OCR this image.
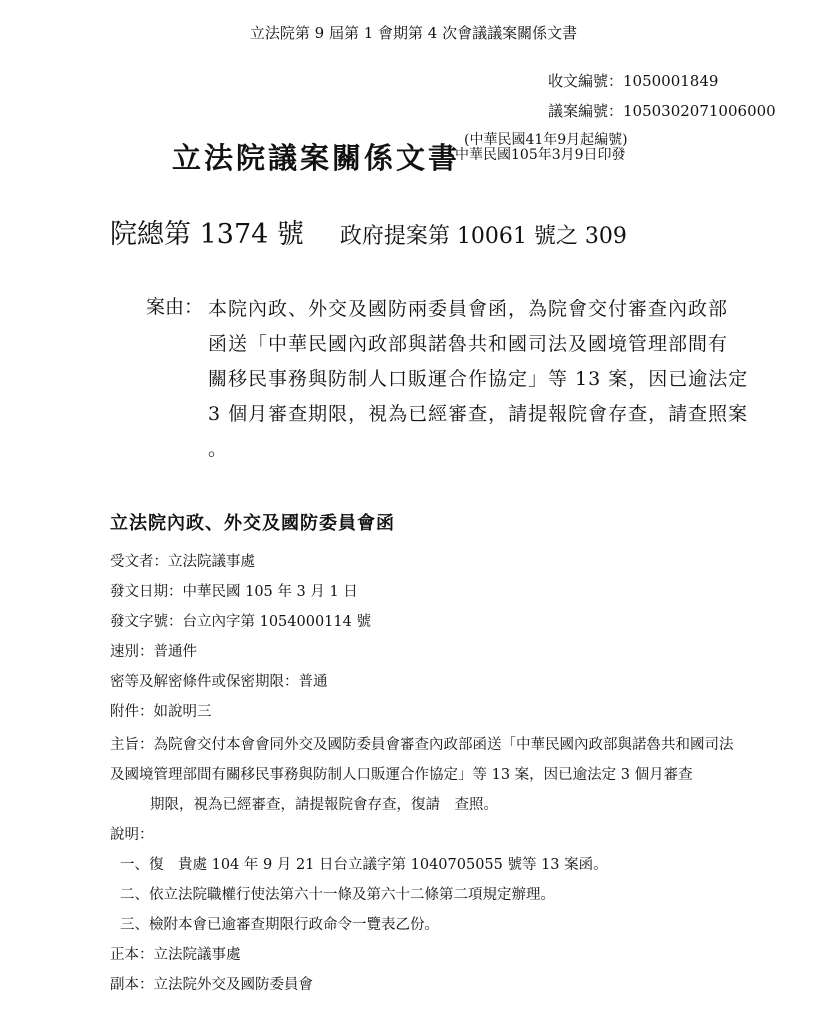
立法院第 9 屆第 1 會期第 4 次會議議案關係文書
收文編號：1050001849
議案編號：1050302071006000
立法院議案關係文書
(中華民國41年9月起編號)
中華民國105年3月9日印發
院總第 1374 號 政府提案第 10061 號之 309
案由： 本院內政、外交及國防兩委員會函，為院會交付審查內政部
函送「中華民國內政部與諾魯共和國司法及國境管理部間有
關移民事務與防制人口販運合作協定」等 13 案，因已逾法定
3 個月審查期限，視為已經審查，請提報院會存查，請查照案
。
立法院內政、外交及國防委員會函
受文者：立法院議事處
發文日期：中華民國 105 年 3 月 1 日
發文字號：台立內字第 1054000114 號
速別：普通件
密等及解密條件或保密期限：普通
附件：如說明三
主旨：為院會交付本會會同外交及國防委員會審查內政部函送「中華民國內政部與諾魯共和國司法
及國境管理部間有關移民事務與防制人口販運合作協定」等 13 案，因已逾法定 3 個月審查
期限，視為已經審查，請提報院會存查，復請　查照。
說明：
一、復　貴處 104 年 9 月 21 日台立議字第 1040705055 號等 13 案函。
二、依立法院職權行使法第六十一條及第六十二條第二項規定辦理。
三、檢附本會已逾審查期限行政命令一覽表乙份。
正本：立法院議事處
副本：立法院外交及國防委員會
